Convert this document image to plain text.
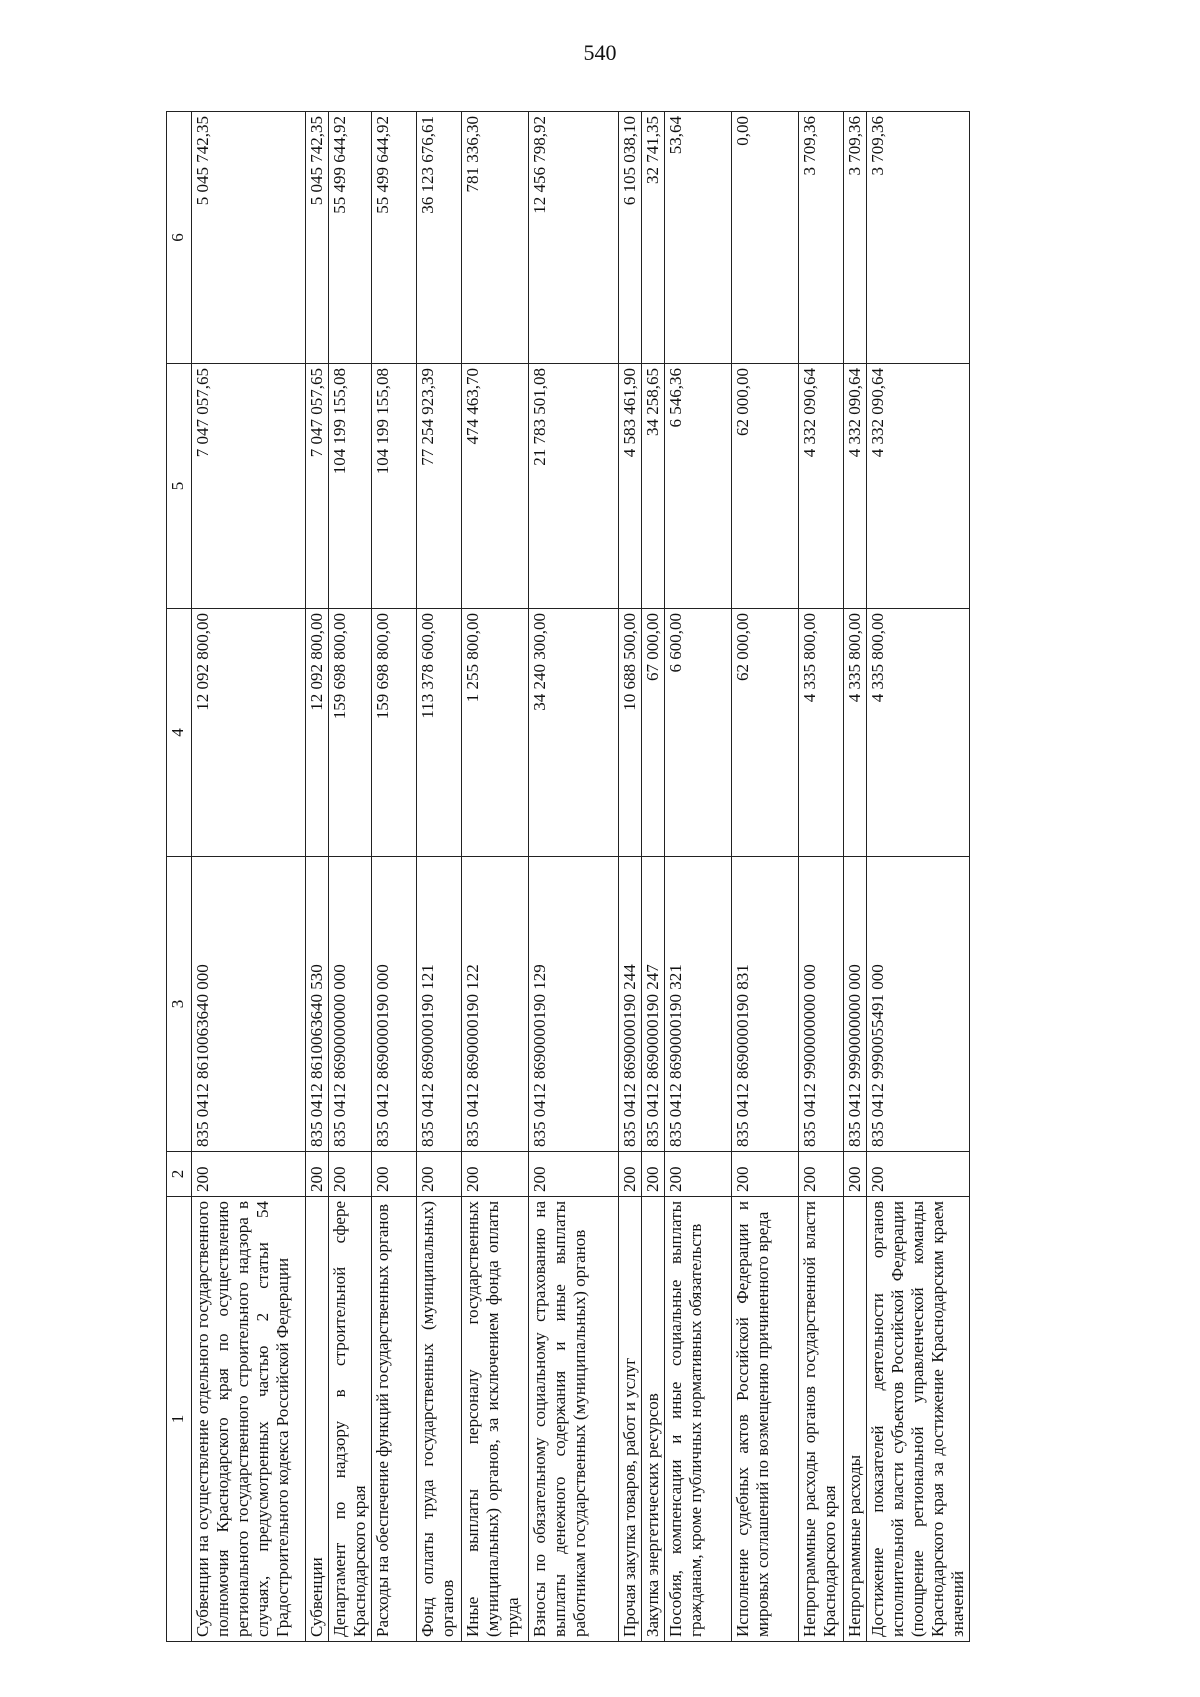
540
1	2	3	4	5	6
Субвенции на осуществление отдельного государственного полномочия Краснодарского края по осуществлению регионального государственного строительного надзора в случаях, предусмотренных частью 2 статьи 54 Градостроительного кодекса Российской Федерации	200	835 0412 8610063640 000	12 092 800,00	7 047 057,65	5 045 742,35
Субвенции	200	835 0412 8610063640 530	12 092 800,00	7 047 057,65	5 045 742,35
Департамент по надзору в строительной сфере Краснодарского края	200	835 0412 8690000000 000	159 698 800,00	104 199 155,08	55 499 644,92
Расходы на обеспечение функций государственных органов	200	835 0412 8690000190 000	159 698 800,00	104 199 155,08	55 499 644,92
Фонд оплаты труда государственных (муниципальных) органов	200	835 0412 8690000190 121	113 378 600,00	77 254 923,39	36 123 676,61
Иные выплаты персоналу государственных (муниципальных) органов, за исключением фонда оплаты труда	200	835 0412 8690000190 122	1 255 800,00	474 463,70	781 336,30
Взносы по обязательному социальному страхованию на выплаты денежного содержания и иные выплаты работникам государственных (муниципальных) органов	200	835 0412 8690000190 129	34 240 300,00	21 783 501,08	12 456 798,92
Прочая закупка товаров, работ и услуг	200	835 0412 8690000190 244	10 688 500,00	4 583 461,90	6 105 038,10
Закупка энергетических ресурсов	200	835 0412 8690000190 247	67 000,00	34 258,65	32 741,35
Пособия, компенсации и иные социальные выплаты гражданам, кроме публичных нормативных обязательств	200	835 0412 8690000190 321	6 600,00	6 546,36	53,64
Исполнение судебных актов Российской Федерации и мировых соглашений по возмещению причиненного вреда	200	835 0412 8690000190 831	62 000,00	62 000,00	0,00
Непрограммные расходы органов государственной власти Краснодарского края	200	835 0412 9900000000 000	4 335 800,00	4 332 090,64	3 709,36
Непрограммные расходы	200	835 0412 9990000000 000	4 335 800,00	4 332 090,64	3 709,36
Достижение показателей деятельности органов исполнительной власти субъектов Российской Федерации (поощрение региональной управленческой команды Краснодарского края за достижение Краснодарским краем значений	200	835 0412 9990055491 000	4 335 800,00	4 332 090,64	3 709,36
